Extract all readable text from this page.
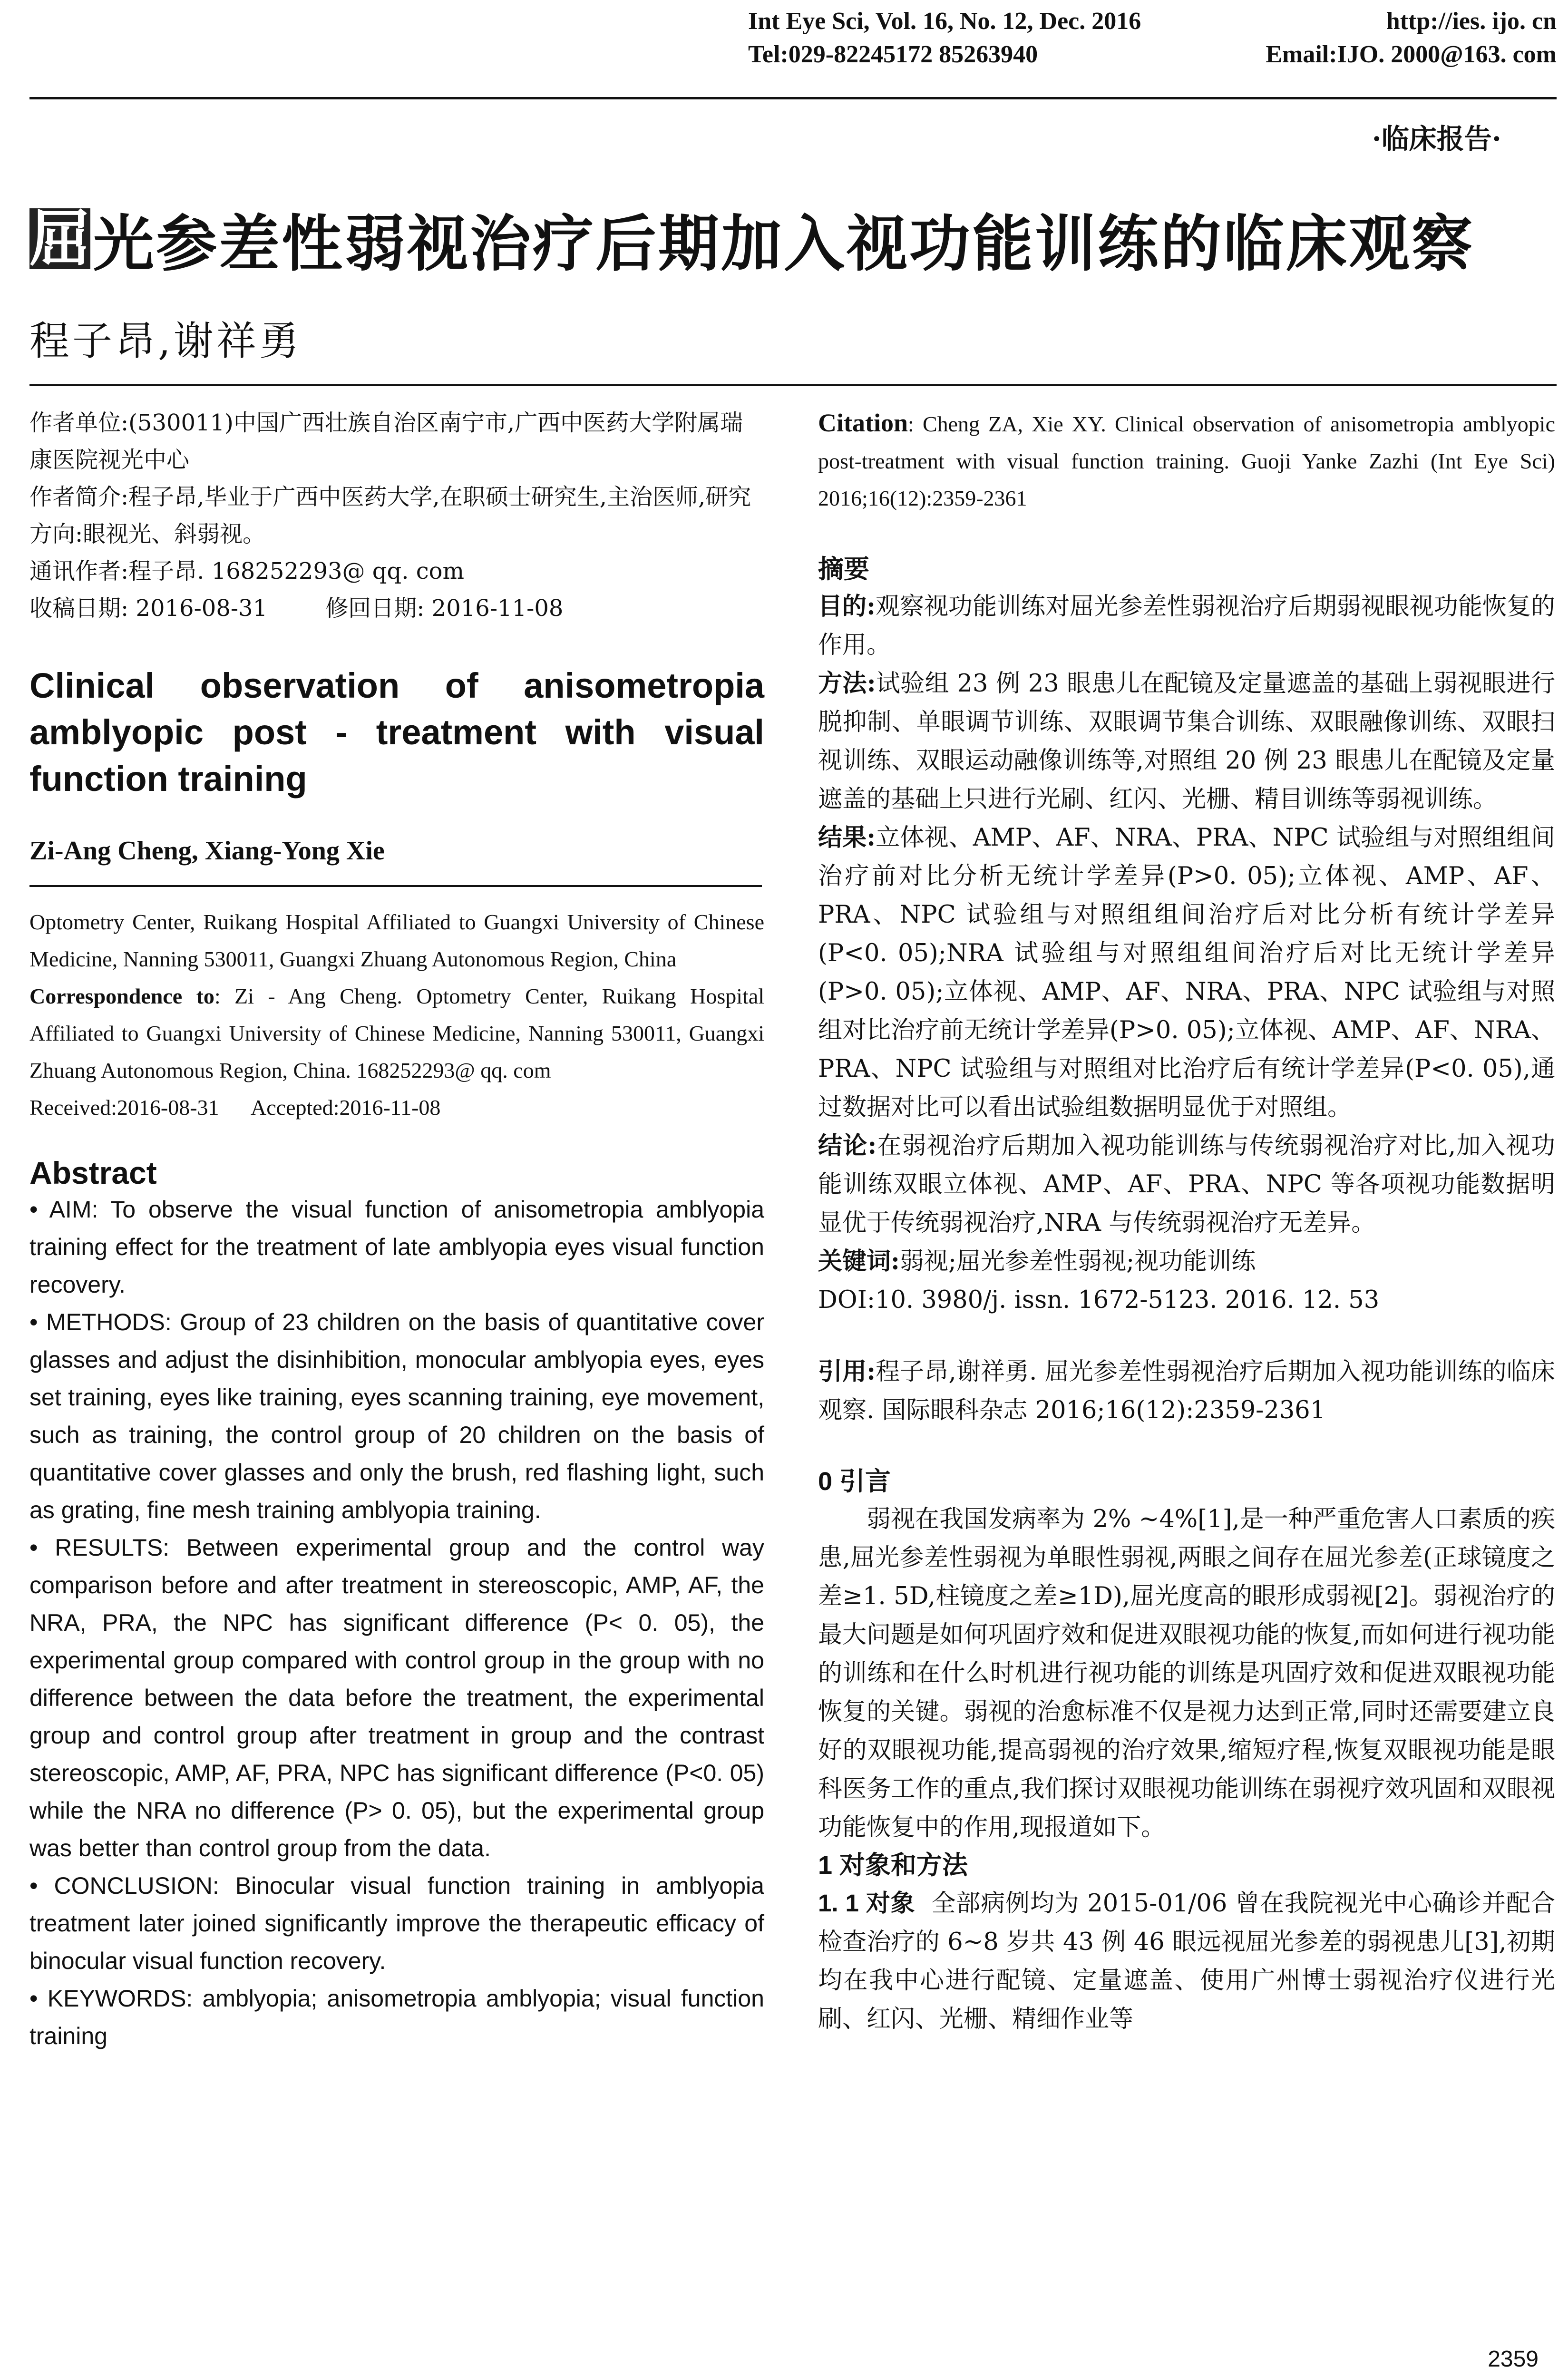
Int Eye Sci, Vol. 16, No. 12, Dec. 2016	http://ies. ijo. cn
Tel:029-82245172 85263940	Email:IJO. 2000@163. com
·临床报告·
屈 光参差性弱视治疗后期加入视功能训练的临床观察
程子昂,谢祥勇

作者单位:(530011)中国广西壮族自治区南宁市,广西中医药大学附属瑞康医院视光中心

作者简介:程子昂,毕业于广西中医药大学,在职硕士研究生,主治医师,研究方向:眼视光、斜弱视。

通讯作者:程子昂. 168252293@ qq. com

收稿日期: 2016-08-31        修回日期: 2016-11-08

Clinical observation of anisometropia amblyopic post - treatment with visual function training

Zi-Ang Cheng, Xiang-Yong Xie

Optometry Center, Ruikang Hospital Affiliated to Guangxi University of Chinese Medicine, Nanning 530011, Guangxi Zhuang Autonomous Region, China

Correspondence to: Zi - Ang Cheng. Optometry Center, Ruikang Hospital Affiliated to Guangxi University of Chinese Medicine, Nanning 530011, Guangxi Zhuang Autonomous Region, China. 168252293@ qq. com

Received:2016-08-31      Accepted:2016-11-08

Abstract

• AIM: To observe the visual function of anisometropia amblyopia training effect for the treatment of late amblyopia eyes visual function recovery.

• METHODS: Group of 23 children on the basis of quantitative cover glasses and adjust the disinhibition, monocular amblyopia eyes, eyes set training, eyes like training, eyes scanning training, eye movement, such as training, the control group of 20 children on the basis of quantitative cover glasses and only the brush, red flashing light, such as grating, fine mesh training amblyopia training.

• RESULTS: Between experimental group and the control way comparison before and after treatment in stereoscopic, AMP, AF, the NRA, PRA, the NPC has significant difference (P< 0. 05), the experimental group compared with control group in the group with no difference between the data before the treatment, the experimental group and control group after treatment in group and the contrast stereoscopic, AMP, AF, PRA, NPC has significant difference (P<0. 05) while the NRA no difference (P> 0. 05), but the experimental group was better than control group from the data.

• CONCLUSION: Binocular visual function training in amblyopia treatment later joined significantly improve the therapeutic efficacy of binocular visual function recovery.

• KEYWORDS: amblyopia; anisometropia amblyopia; visual function training

Citation: Cheng ZA, Xie XY. Clinical observation of anisometropia amblyopic post-treatment with visual function training. Guoji Yanke Zazhi (Int Eye Sci) 2016;16(12):2359-2361

摘要

目的:观察视功能训练对屈光参差性弱视治疗后期弱视眼视功能恢复的作用。

方法:试验组 23 例 23 眼患儿在配镜及定量遮盖的基础上弱视眼进行脱抑制、单眼调节训练、双眼调节集合训练、双眼融像训练、双眼扫视训练、双眼运动融像训练等,对照组 20 例 23 眼患儿在配镜及定量遮盖的基础上只进行光刷、红闪、光栅、精目训练等弱视训练。

结果:立体视、AMP、AF、NRA、PRA、NPC 试验组与对照组组间治疗前对比分析无统计学差异(P>0. 05);立体视、AMP、AF、PRA、NPC 试验组与对照组组间治疗后对比分析有统计学差异(P<0. 05);NRA 试验组与对照组组间治疗后对比无统计学差异(P>0. 05);立体视、AMP、AF、NRA、PRA、NPC 试验组与对照组对比治疗前无统计学差异(P>0. 05);立体视、AMP、AF、NRA、PRA、NPC 试验组与对照组对比治疗后有统计学差异(P<0. 05),通过数据对比可以看出试验组数据明显优于对照组。

结论:在弱视治疗后期加入视功能训练与传统弱视治疗对比,加入视功能训练双眼立体视、AMP、AF、PRA、NPC 等各项视功能数据明显优于传统弱视治疗,NRA 与传统弱视治疗无差异。

关键词:弱视;屈光参差性弱视;视功能训练

DOI:10. 3980/j. issn. 1672-5123. 2016. 12. 53

引用:程子昂,谢祥勇. 屈光参差性弱视治疗后期加入视功能训练的临床观察. 国际眼科杂志 2016;16(12):2359-2361

0 引言

弱视在我国发病率为 2% ~4%[1],是一种严重危害人口素质的疾患,屈光参差性弱视为单眼性弱视,两眼之间存在屈光参差(正球镜度之差≥1. 5D,柱镜度之差≥1D),屈光度高的眼形成弱视[2]。弱视治疗的最大问题是如何巩固疗效和促进双眼视功能的恢复,而如何进行视功能的训练和在什么时机进行视功能的训练是巩固疗效和促进双眼视功能恢复的关键。弱视的治愈标准不仅是视力达到正常,同时还需要建立良好的双眼视功能,提高弱视的治疗效果,缩短疗程,恢复双眼视功能是眼科医务工作的重点,我们探讨双眼视功能训练在弱视疗效巩固和双眼视功能恢复中的作用,现报道如下。

1 对象和方法

1. 1 对象 全部病例均为 2015-01/06 曾在我院视光中心确诊并配合检查治疗的 6~8 岁共 43 例 46 眼远视屈光参差的弱视患儿[3],初期均在我中心进行配镜、定量遮盖、使用广州博士弱视治疗仪进行光刷、红闪、光栅、精细作业等

2359
